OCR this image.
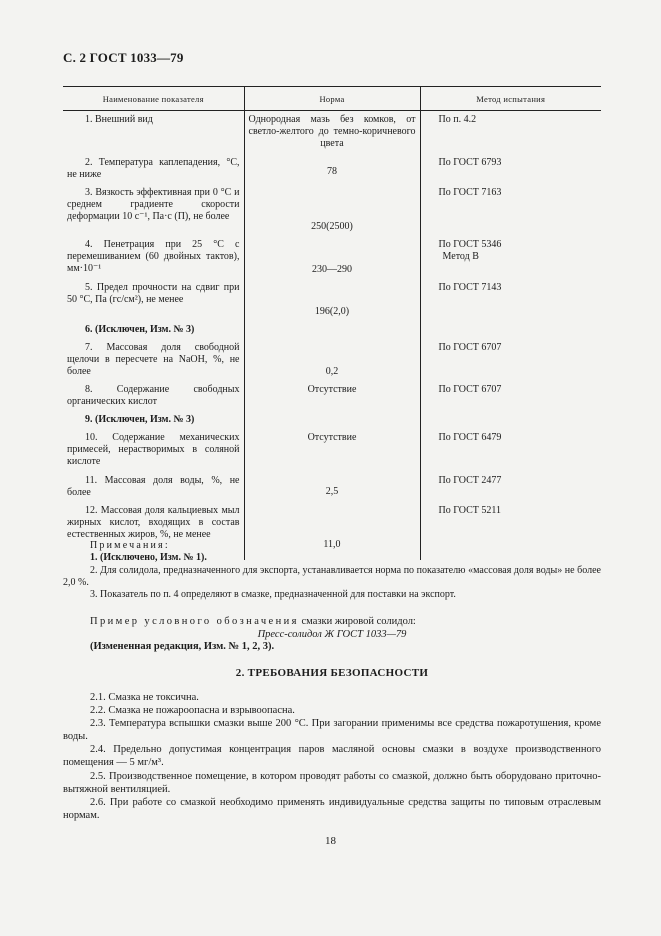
С. 2 ГОСТ 1033—79
Наименование показателя	Норма	Метод испытания

1. Внешний вид	Однородная мазь без комков, от светло-желтого до темно-коричневого цвета	По п. 4.2

2. Температура каплепадения, °С, не ниже	78	По ГОСТ 6793

3. Вязкость эффективная при 0 °С и среднем градиенте скорости деформации 10 с⁻¹, Па·с (П), не более	250(2500)	По ГОСТ 7163

4. Пенетрация при 25 °С с перемешиванием (60 двойных тактов), мм·10⁻¹	230—290	По ГОСТ 5346
Метод В

5. Предел прочности на сдвиг при 50 °С, Па (гс/см²), не менее	196(2,0)	По ГОСТ 7143

6. (Исключен, Изм. № 3)		

7. Массовая доля свободной щелочи в пересчете на NaOH, %, не более	0,2	По ГОСТ 6707

8. Содержание свободных органических кислот	Отсутствие	По ГОСТ 6707

9. (Исключен, Изм. № 3)		

10. Содержание механических примесей, нерастворимых в соляной кислоте	Отсутствие	По ГОСТ 6479

11. Массовая доля воды, %, не более	2,5	По ГОСТ 2477

12. Массовая доля кальциевых мыл жирных кислот, входящих в состав естественных жиров, %, не менее	11,0	По ГОСТ 5211
Примечания:

1. (Исключено, Изм. № 1).

2. Для солидола, предназначенного для экспорта, устанавливается норма по показателю «массовая доля воды» не более 2,0 %.

3. Показатель по п. 4 определяют в смазке, предназначенной для поставки на экспорт.

Пример условного обозначения смазки жировой солидол:
Пресс-солидол Ж ГОСТ 1033—79
(Измененная редакция, Изм. № 1, 2, 3).
2. ТРЕБОВАНИЯ БЕЗОПАСНОСТИ

2.1. Смазка не токсична.

2.2. Смазка не пожароопасна и взрывоопасна.

2.3. Температура вспышки смазки выше 200 °С. При загорании применимы все средства пожаротушения, кроме воды.

2.4. Предельно допустимая концентрация паров масляной основы смазки в воздухе производственного помещения — 5 мг/м³.

2.5. Производственное помещение, в котором проводят работы со смазкой, должно быть оборудовано приточно-вытяжной вентиляцией.

2.6. При работе со смазкой необходимо применять индивидуальные средства защиты по типовым отраслевым нормам.

18
